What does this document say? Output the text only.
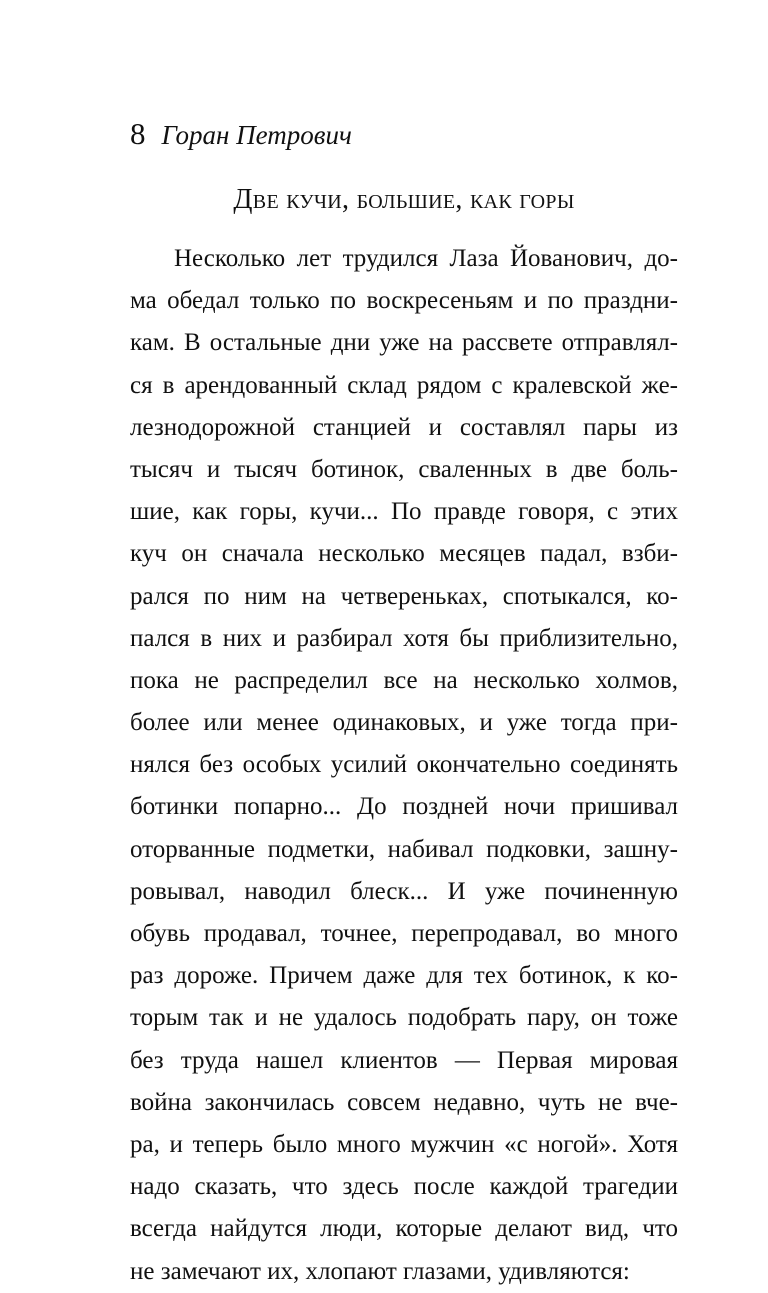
8 Горан Петрович
Две кучи, большие, как горы
Несколько лет трудился Лаза Йованович, до-
ма обедал только по воскресеньям и по праздни-
кам. В остальные дни уже на рассвете отправлял-
ся в арендованный склад рядом с кралевской же-
лезнодорожной станцией и составлял пары из
тысяч и тысяч ботинок, сваленных в две боль-
шие, как горы, кучи... По правде говоря, с этих
куч он сначала несколько месяцев падал, взби-
рался по ним на четвереньках, спотыкался, ко-
пался в них и разбирал хотя бы приблизительно,
пока не распределил все на несколько холмов,
более или менее одинаковых, и уже тогда при-
нялся без особых усилий окончательно соединять
ботинки попарно... До поздней ночи пришивал
оторванные подметки, набивал подковки, зашну-
ровывал, наводил блеск... И уже починенную
обувь продавал, точнее, перепродавал, во много
раз дороже. Причем даже для тех ботинок, к ко-
торым так и не удалось подобрать пару, он тоже
без труда нашел клиентов — Первая мировая
война закончилась совсем недавно, чуть не вче-
ра, и теперь было много мужчин «с ногой». Хотя
надо сказать, что здесь после каждой трагедии
всегда найдутся люди, которые делают вид, что
не замечают их, хлопают глазами, удивляются:
